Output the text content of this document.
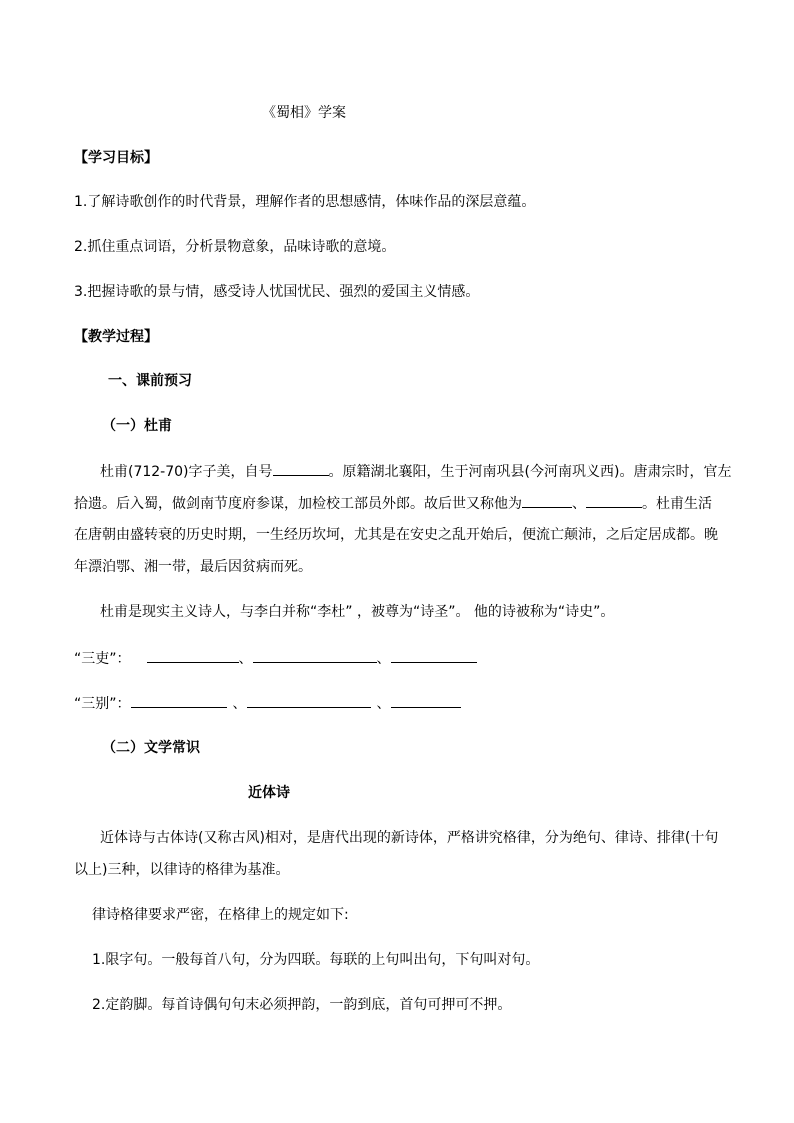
《蜀相》学案

【学习目标】

1.了解诗歌创作的时代背景，理解作者的思想感情，体味作品的深层意蕴。

2.抓住重点词语，分析景物意象，品味诗歌的意境。

3.把握诗歌的景与情，感受诗人忧国忧民、强烈的爱国主义情感。

【教学过程】

一、课前预习

（一）杜甫

杜甫(712-70)字子美，自号	。原籍湖北襄阳，生于河南巩县(今河南巩义西)。唐肃宗时，官左

拾遗。后入蜀，做剑南节度府参谋，加检校工部员外郎。故后世又称他为	、	。杜甫生活

在唐朝由盛转衰的历史时期，一生经历坎坷，尤其是在安史之乱开始后，便流亡颠沛，之后定居成都。晚

年漂泊鄂、湘一带，最后因贫病而死。

杜甫是现实主义诗人，与李白并称“李杜” ，被尊为“诗圣”。 他的诗被称为“诗史”。

“三吏”：	、	、

“三别”：	、	、

（二）文学常识

近体诗

近体诗与古体诗(又称古风)相对，是唐代出现的新诗体，严格讲究格律，分为绝句、律诗、排律(十句

以上)三种，以律诗的格律为基准。

律诗格律要求严密，在格律上的规定如下:

1.限字句。一般每首八句，分为四联。每联的上句叫出句，下句叫对句。

2.定韵脚。每首诗偶句句末必须押韵，一韵到底，首句可押可不押。
